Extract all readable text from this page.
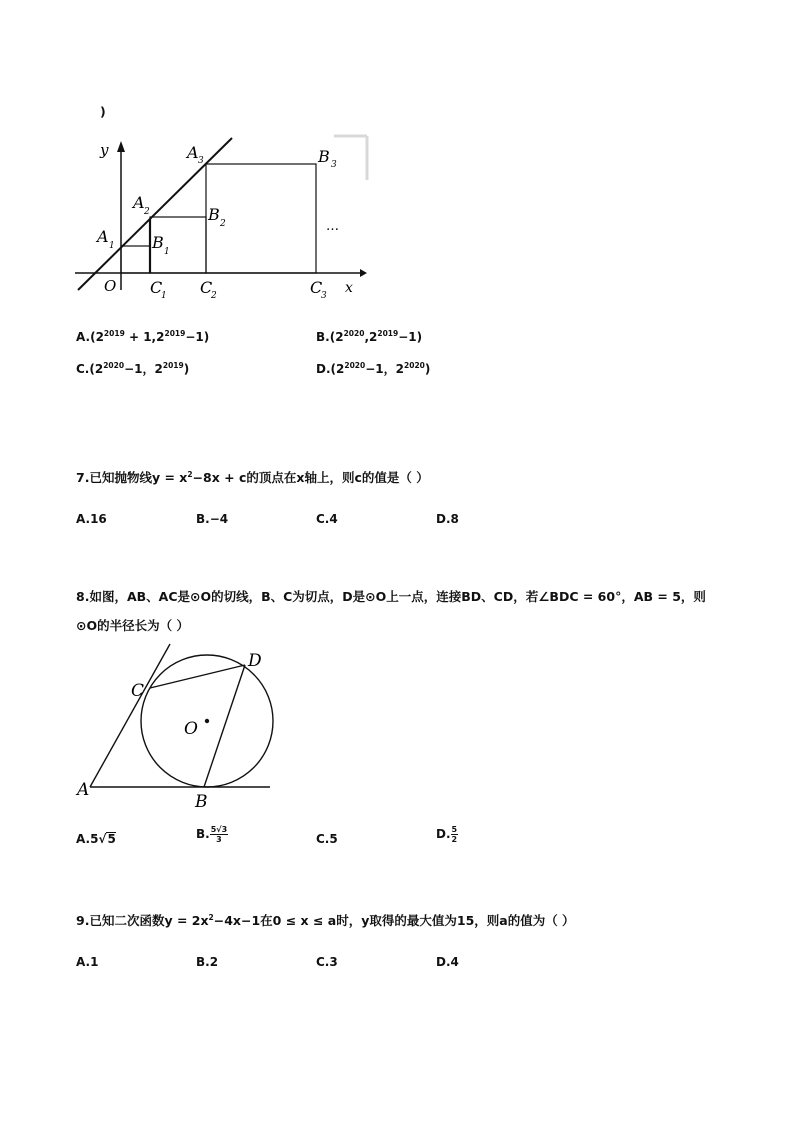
)
y
x
O
A 1
A 2
A 3
B 1
B 2
B 3
C
1 C
2	C
3
…
$A.(2^{2019} + 1,2^{2019}-1)$	$B.(2^{2020},2^{2019}-1)$
$C.(2^{2020}-1$，$2^{2019}$)	$D.(2^{2020}-1$，$2^{2020}$)
7.已知抛物线$y = x^2-8x + c$的顶点在x轴上，则c的值是（ ）
A.16	B.−4	C.4	D.8
8.如图，AB、AC是⊙O的切线，B、C为切点，D是⊙O上一点，连接BD、CD，若∠BDC = 60°，AB = 5，则
⊙O的半径长为（ ）
A
B
C
D
O
A.5√5	B. $\frac{5√3}{3}$	C.5	D. $\frac{5}{2}$
9.已知二次函数$y = 2x^2-4x-1$在0 ≤ x ≤ a时，y取得的最大值为15，则a的值为（ ）
A.1	B.2	C.3	D.4
